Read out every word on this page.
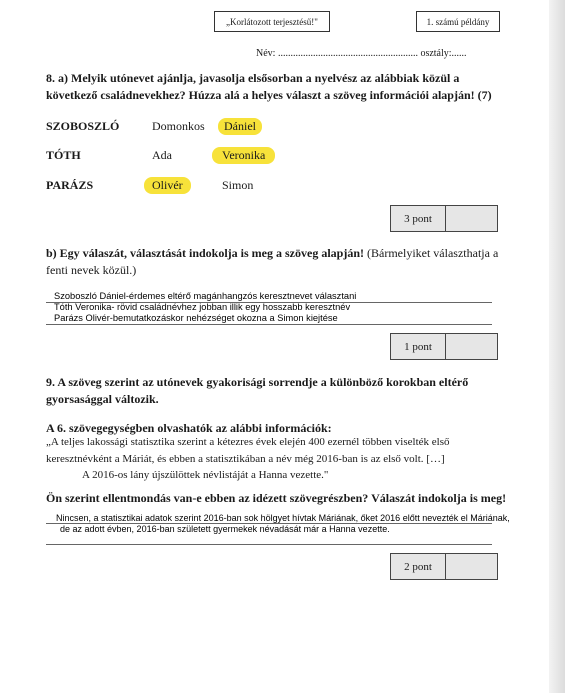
„Korlátozott terjesztésű!"	1. számú példány
Név: ........................................................ osztály:......
8. a) Melyik utónevet ajánlja, javasolja elsősorban a nyelvész az alábbiak közül a következő családnevekhez? Húzza alá a helyes választ a szöveg információi alapján! (7)
SZOBOSZLÓ	Domonkos	Dániel
TÓTH	Ada	Veronika
PARÁZS	Olivér	Simon
3 pont
b) Egy válaszát, választását indokolja is meg a szöveg alapján! (Bármelyiket választhatja a fenti nevek közül.)
Szoboszló Dániel-érdemes eltérő magánhangzós keresztnevet választani
Tóth Veronika- rövid családnévhez jobban illik egy hosszabb keresztnév
Parázs Olivér-bemutatkozáskor nehézséget okozna a Simon kiejtése
1 pont
9. A szöveg szerint az utónevek gyakorisági sorrendje a különböző korokban eltérő gyorsasággal változik.
A 6. szövegegységben olvashatók az alábbi információk:
„A teljes lakossági statisztika szerint a kétezres évek elején 400 ezernél többen viselték első
keresztnévként a Máriát, és ebben a statisztikában a név még 2016-ban is az első volt. […]
A 2016-os lány újszülöttek névlistáját a Hanna vezette."
Ön szerint ellentmondás van-e ebben az idézett szövegrészben? Válaszát indokolja is meg!
Nincsen, a statisztikai adatok szerint 2016-ban sok hölgyet hívtak Máriának, őket 2016 előtt nevezték el Máriának,
de az adott évben, 2016-ban született gyermekek névadását már a Hanna vezette.
2 pont
